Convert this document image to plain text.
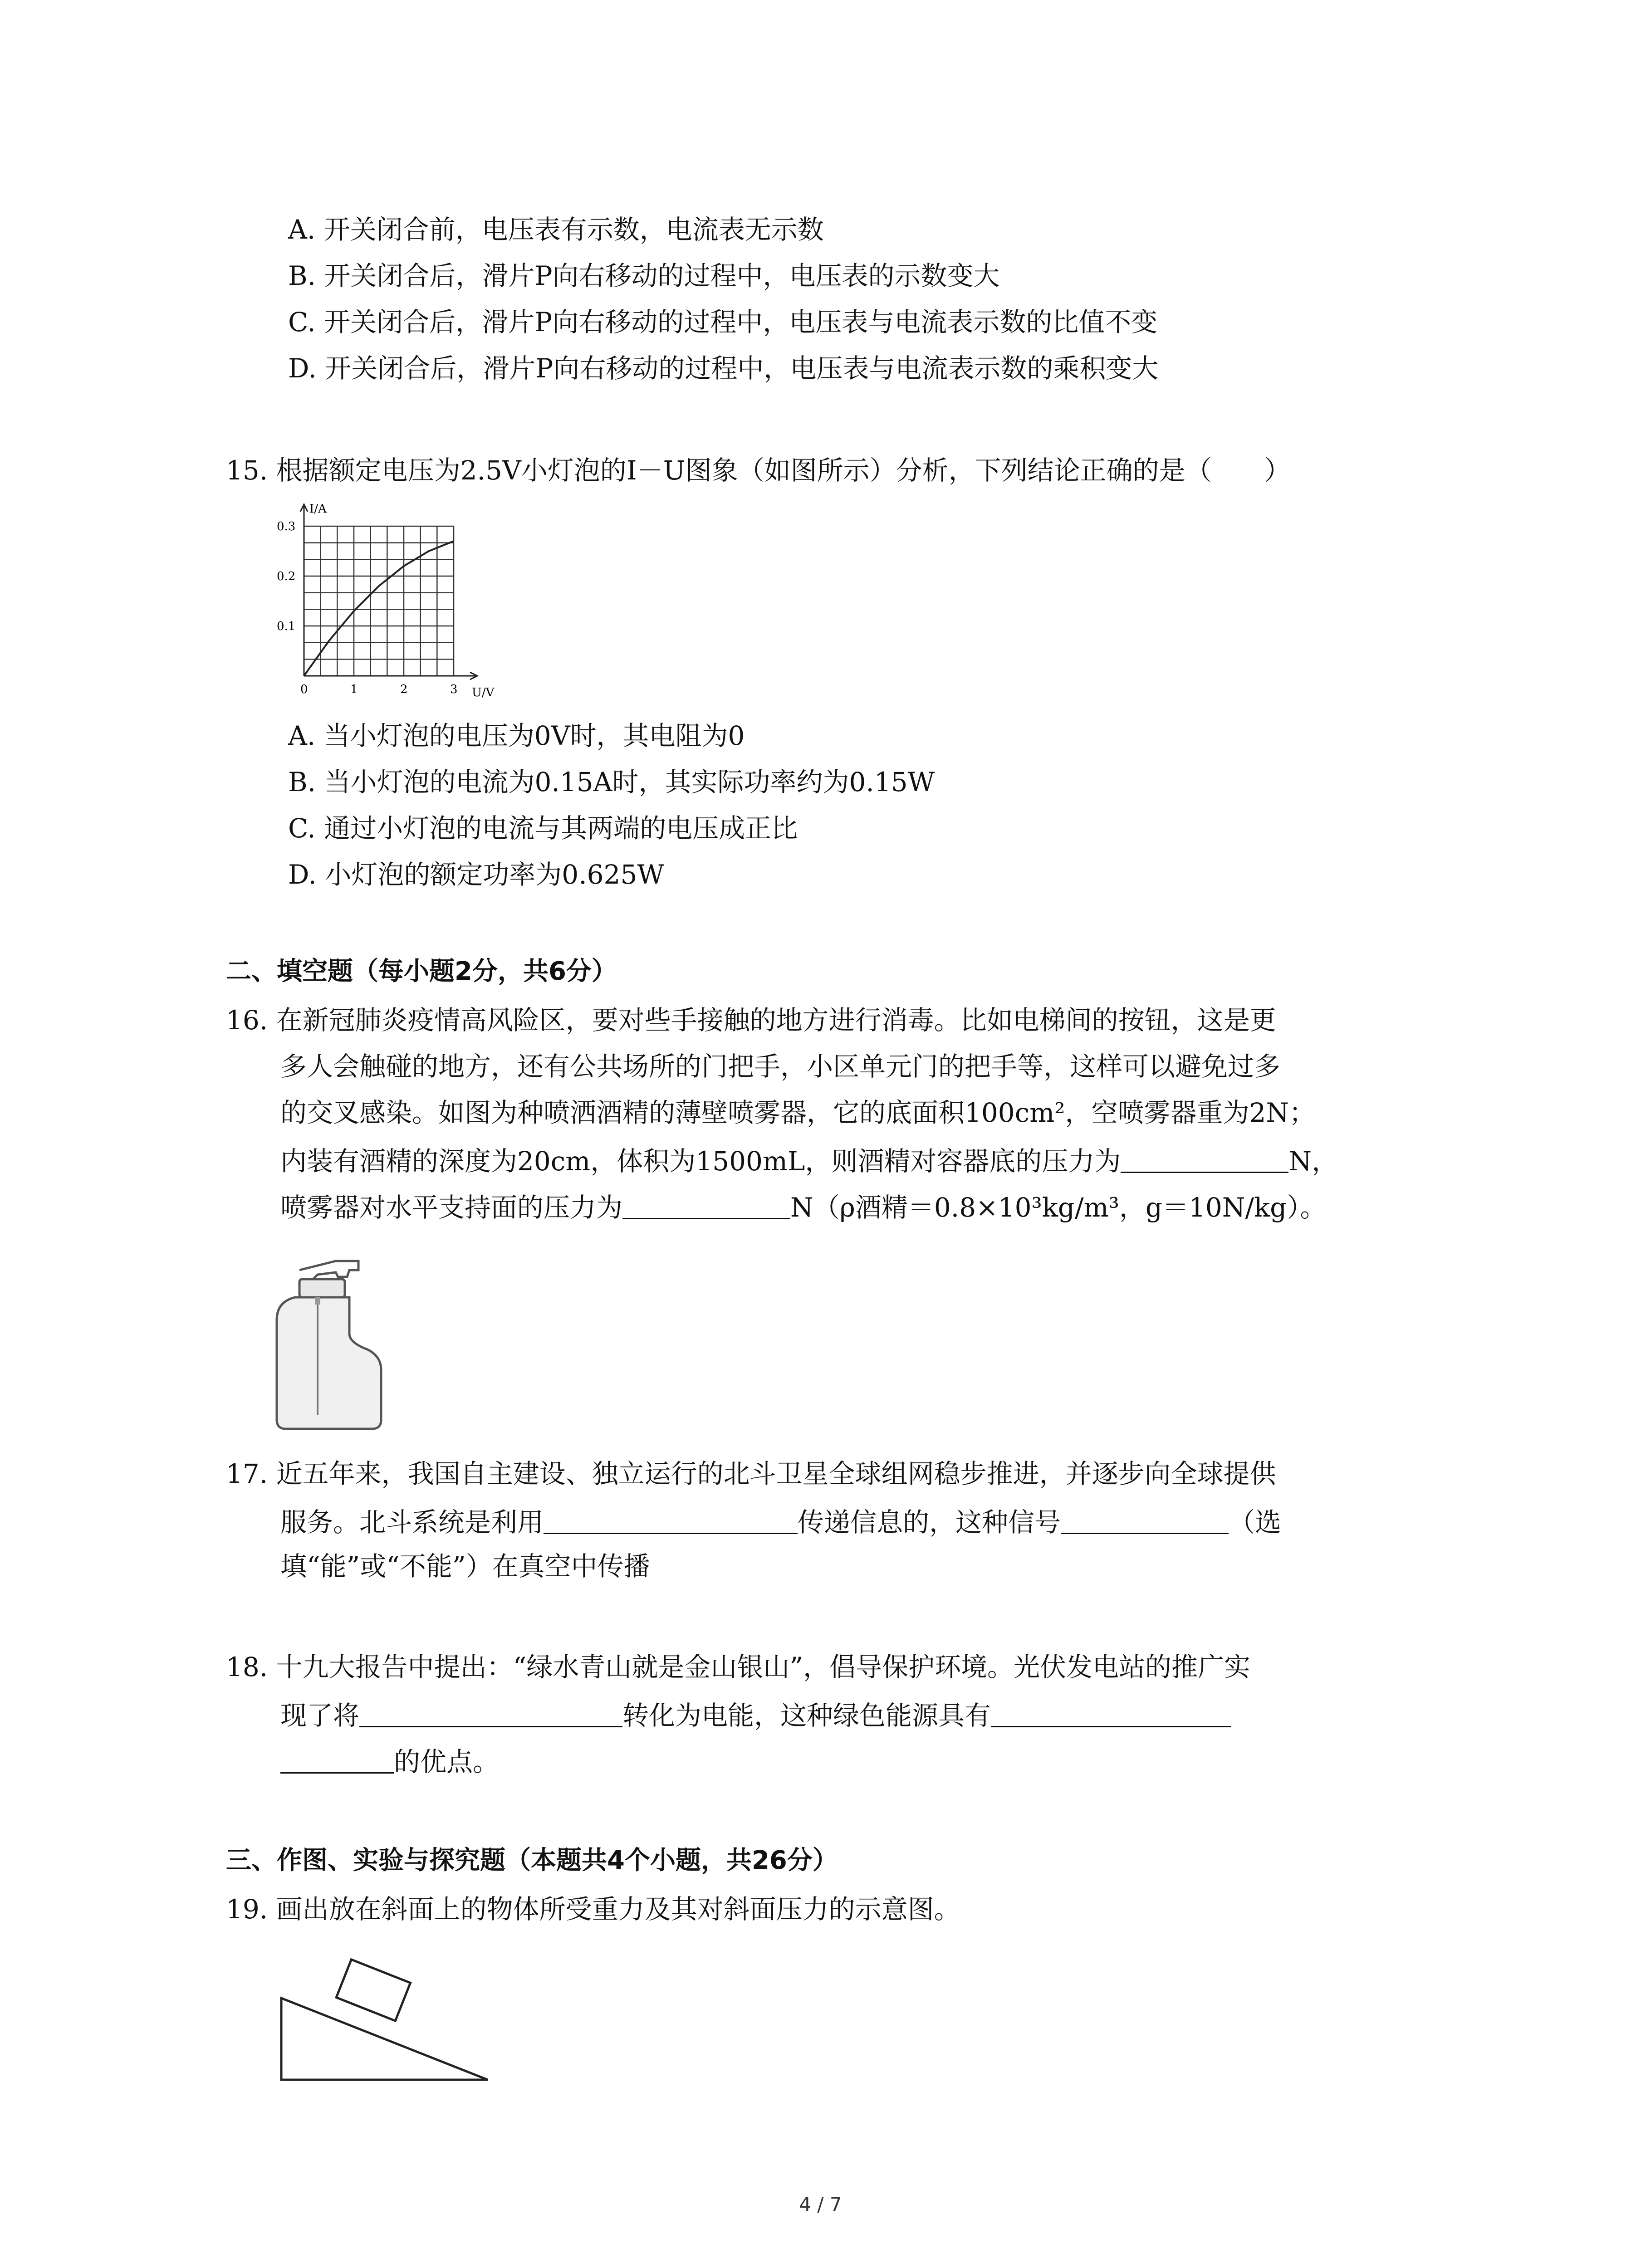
A. 开关闭合前，电压表有示数，电流表无示数
B. 开关闭合后，滑片P向右移动的过程中，电压表的示数变大
C. 开关闭合后，滑片P向右移动的过程中，电压表与电流表示数的比值不变
D. 开关闭合后，滑片P向右移动的过程中，电压表与电流表示数的乘积变大
15. 根据额定电压为2.5V小灯泡的I－U图象（如图所示）分析，下列结论正确的是（　　）
0	1	2	3
0.1
0.2
0.3
I/A
U/V
A. 当小灯泡的电压为0V时，其电阻为0
B. 当小灯泡的电流为0.15A时，其实际功率约为0.15W
C. 通过小灯泡的电流与其两端的电压成正比
D. 小灯泡的额定功率为0.625W
二、填空题（每小题2分，共6分）
16. 在新冠肺炎疫情高风险区，要对些手接触的地方进行消毒。比如电梯间的按钮，这是更
多人会触碰的地方，还有公共场所的门把手，小区单元门的把手等，这样可以避免过多
的交叉感染。如图为种喷洒酒精的薄壁喷雾器，它的底面积100cm²，空喷雾器重为2N；
内装有酒精的深度为20cm，体积为1500mL，则酒精对容器底的压力为	N，
喷雾器对水平支持面的压力为	N（ρ酒精＝0.8×10³kg/m³，g＝10N/kg）。
17. 近五年来，我国自主建设、独立运行的北斗卫星全球组网稳步推进，并逐步向全球提供
服务。北斗系统是利用	传递信息的，这种信号	（选
填“能”或“不能”）在真空中传播
18. 十九大报告中提出：“绿水青山就是金山银山”，倡导保护环境。光伏发电站的推广实
现了将	转化为电能，这种绿色能源具有
的优点。
三、作图、实验与探究题（本题共4个小题，共26分）
19. 画出放在斜面上的物体所受重力及其对斜面压力的示意图。
4 / 7
